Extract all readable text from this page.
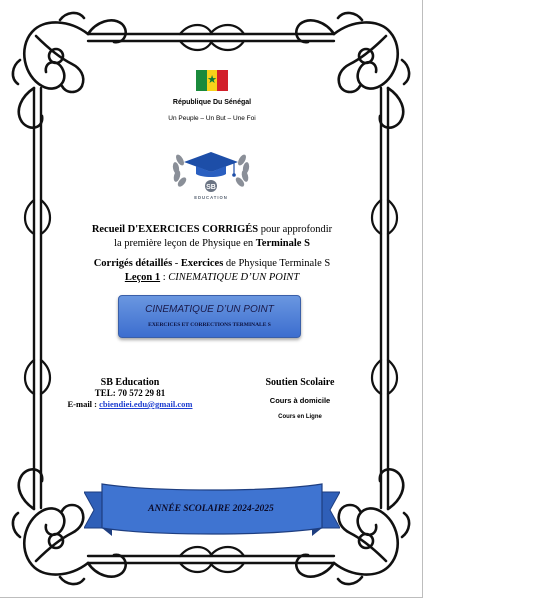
★
République Du Sénégal
Un Peuple – Un But – Une Foi
SB
EDUCATION
Recueil D'EXERCICES CORRIGÉS pour approfondir
la première leçon de Physique en Terminale S
Corrigés détaillés - Exercices de Physique Terminale S
Leçon 1 : CINEMATIQUE D’UN POINT
CINEMATIQUE D’UN POINT
EXERCICES ET CORRECTIONS TERMINALE S
SB Education
TEL: 70 572 29 81
E-mail : cbiendiei.edu@gmail.com
Soutien Scolaire
Cours à domicile
Cours en Ligne
ANNÉE SCOLAIRE 2024-2025
